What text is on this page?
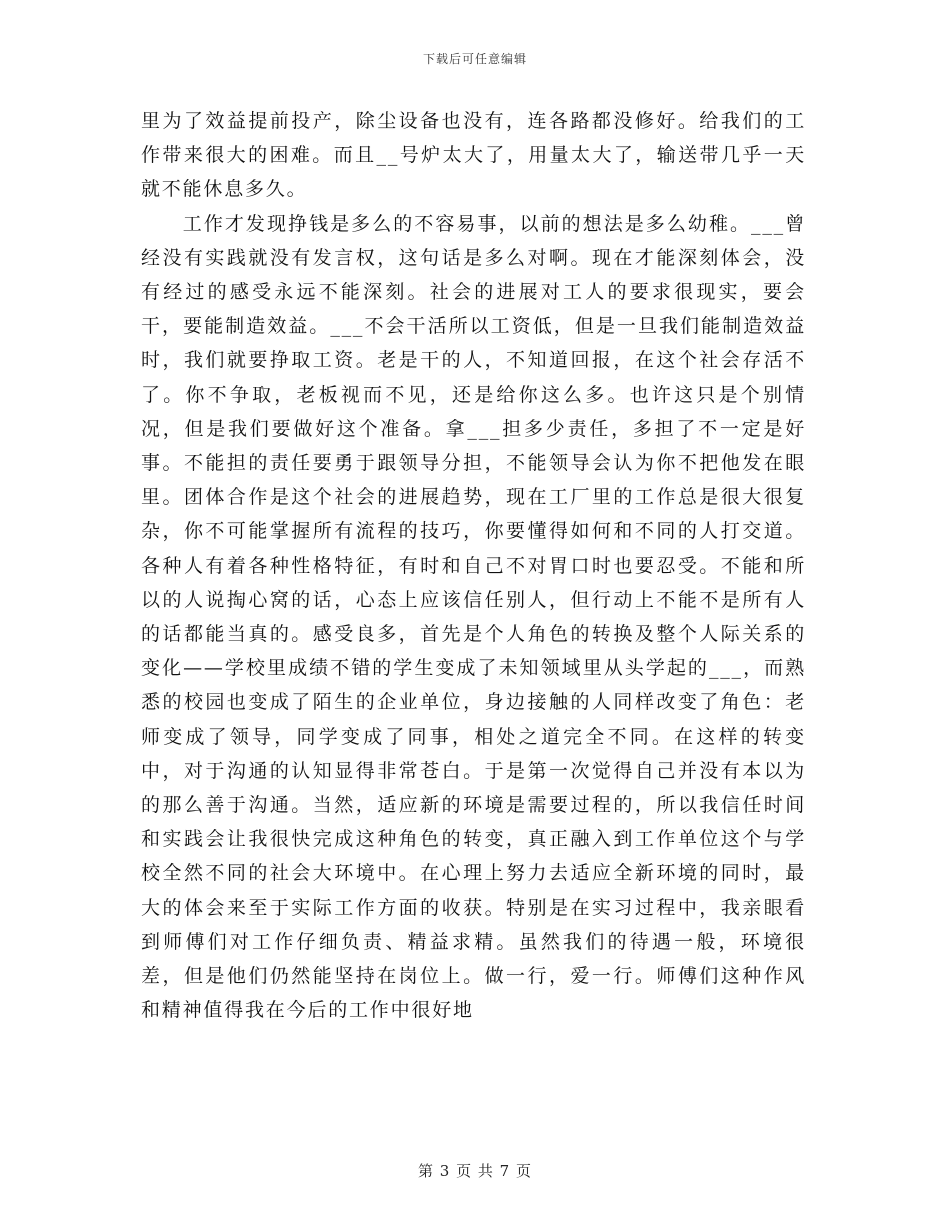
下载后可任意编辑

里为了效益提前投产，除尘设备也没有，连各路都没修好。给我们的工作带来很大的困难。而且__号炉太大了，用量太大了，输送带几乎一天就不能休息多久。

工作才发现挣钱是多么的不容易事，以前的想法是多么幼稚。___曾经没有实践就没有发言权，这句话是多么对啊。现在才能深刻体会，没有经过的感受永远不能深刻。社会的进展对工人的要求很现实，要会干，要能制造效益。___不会干活所以工资低，但是一旦我们能制造效益时，我们就要挣取工资。老是干的人，不知道回报，在这个社会存活不了。你不争取，老板视而不见，还是给你这么多。也许这只是个别情况，但是我们要做好这个准备。拿___担多少责任，多担了不一定是好事。不能担的责任要勇于跟领导分担，不能领导会认为你不把他发在眼里。团体合作是这个社会的进展趋势，现在工厂里的工作总是很大很复杂，你不可能掌握所有流程的技巧，你要懂得如何和不同的人打交道。各种人有着各种性格特征，有时和自己不对胃口时也要忍受。不能和所以的人说掏心窝的话，心态上应该信任别人，但行动上不能不是所有人的话都能当真的。感受良多，首先是个人角色的转换及整个人际关系的变化——学校里成绩不错的学生变成了未知领域里从头学起的___，而熟悉的校园也变成了陌生的企业单位，身边接触的人同样改变了角色：老师变成了领导，同学变成了同事，相处之道完全不同。在这样的转变中，对于沟通的认知显得非常苍白。于是第一次觉得自己并没有本以为的那么善于沟通。当然，适应新的环境是需要过程的，所以我信任时间和实践会让我很快完成这种角色的转变，真正融入到工作单位这个与学校全然不同的社会大环境中。在心理上努力去适应全新环境的同时，最大的体会来至于实际工作方面的收获。特别是在实习过程中，我亲眼看到师傅们对工作仔细负责、精益求精。虽然我们的待遇一般，环境很差，但是他们仍然能坚持在岗位上。做一行，爱一行。师傅们这种作风和精神值得我在今后的工作中很好地

第 3 页 共 7 页
